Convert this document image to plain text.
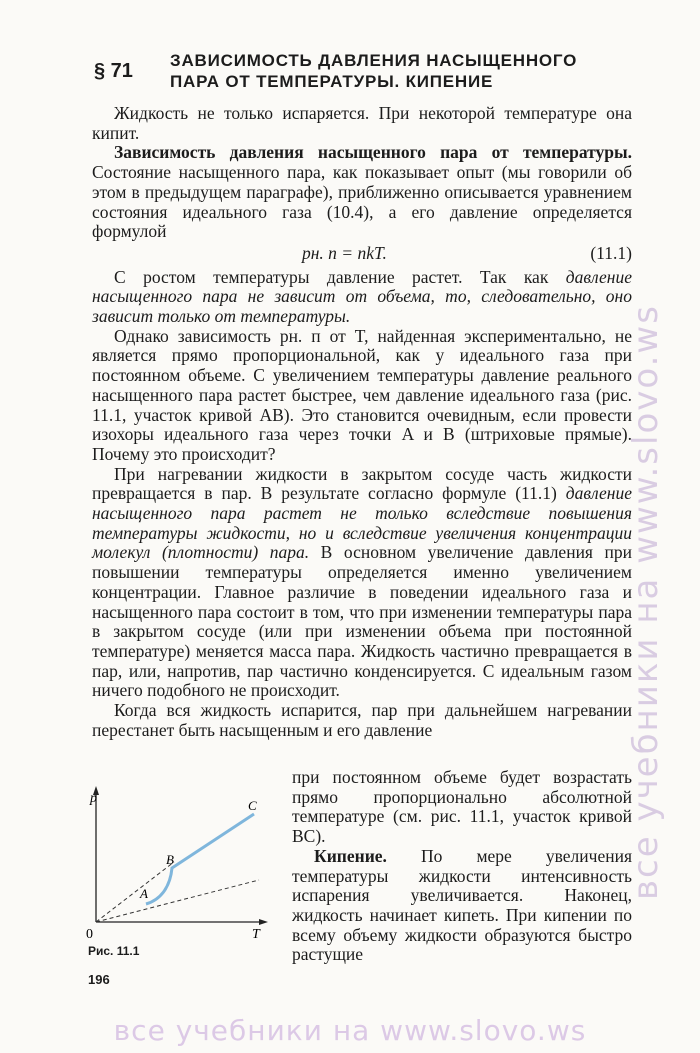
§ 71 ЗАВИСИМОСТЬ ДАВЛЕНИЯ НАСЫЩЕННОГО
ПАРА ОТ ТЕМПЕРАТУРЫ. КИПЕНИЕ

Жидкость не только испаряется. При некоторой температуре она кипит.

Зависимость давления насыщенного пара от температуры. Состояние насыщенного пара, как показывает опыт (мы говорили об этом в предыдущем параграфе), приближенно описывается уравнением состояния идеального газа (10.4), а его давление определяется формулой

pн. п = nkT.	(11.1)

С ростом температуры давление растет. Так как давление насыщенного пара не зависит от объема, то, следовательно, оно зависит только от температуры.

Однако зависимость pн. п от T, найденная экспериментально, не является прямо пропорциональной, как у идеального газа при постоянном объеме. С увеличением температуры давление реального насыщенного пара растет быстрее, чем давление идеального газа (рис. 11.1, участок кривой AB). Это становится очевидным, если провести изохоры идеального газа через точки A и B (штриховые прямые). Почему это происходит?

При нагревании жидкости в закрытом сосуде часть жидкости превращается в пар. В результате согласно формуле (11.1) давление насыщенного пара растет не только вследствие повышения температуры жидкости, но и вследствие увеличения концентрации молекул (плотности) пара. В основном увеличение давления при повышении температуры определяется именно увеличением концентрации. Главное различие в поведении идеального газа и насыщенного пара состоит в том, что при изменении температуры пара в закрытом сосуде (или при изменении объема при постоянной температуре) меняется масса пара. Жидкость частично превращается в пар, или, напротив, пар частично конденсируется. С идеальным газом ничего подобного не происходит.

Когда вся жидкость испарится, пар при дальнейшем нагревании перестанет быть насыщенным и его давление

p
T
0
A
B
C
Рис. 11.1

при постоянном объеме будет возрастать прямо пропорционально абсолютной температуре (см. рис. 11.1, участок кривой BC).

Кипение. По мере увеличения температуры жидкости интенсивность испарения увеличивается. Наконец, жидкость начинает кипеть. При кипении по всему объему жидкости образуются быстро растущие

196
все учебники на www.slovo.ws
все учебники на www.slovo.ws
